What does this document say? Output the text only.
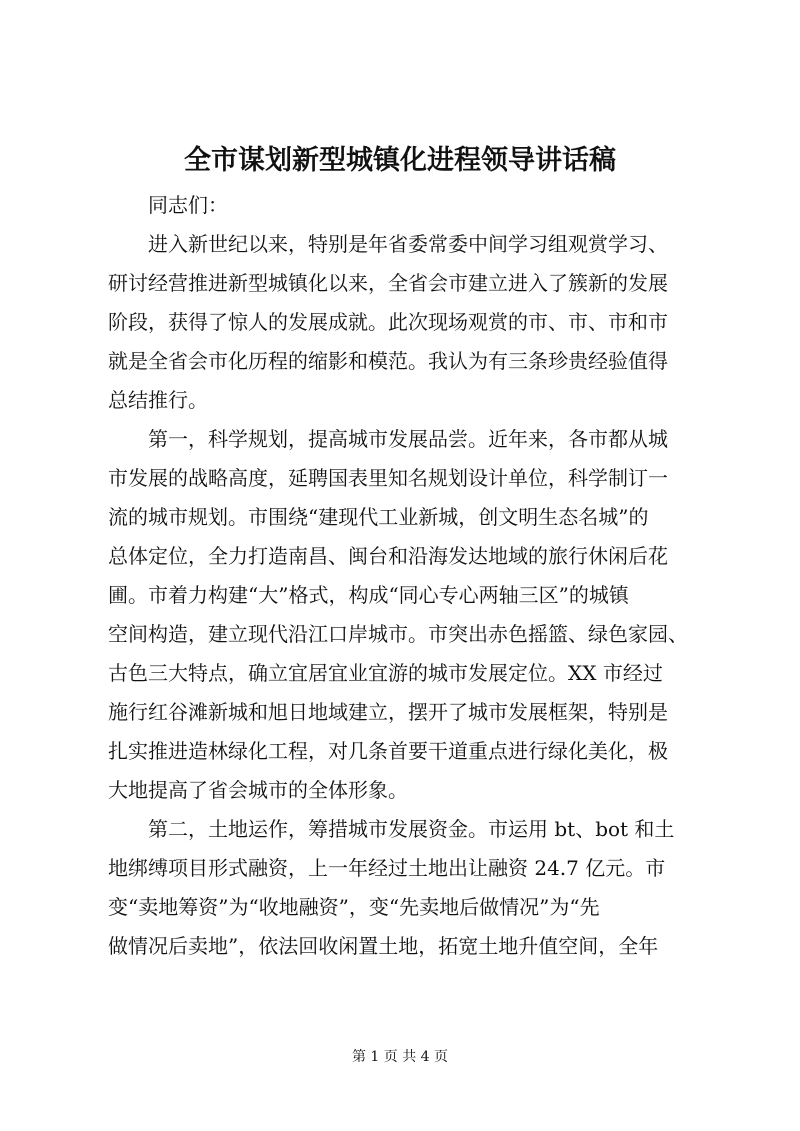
全市谋划新型城镇化进程领导讲话稿
　　同志们：
　　进入新世纪以来，特别是年省委常委中间学习组观赏学习、
研讨经营推进新型城镇化以来，全省会市建立进入了簇新的发展
阶段，获得了惊人的发展成就。此次现场观赏的市、市、市和市
就是全省会市化历程的缩影和模范。我认为有三条珍贵经验值得
总结推行。
　　第一，科学规划，提高城市发展品尝。近年来，各市都从城
市发展的战略高度，延聘国表里知名规划设计单位，科学制订一
流的城市规划。市围绕“建现代工业新城，创文明生态名城”的
总体定位，全力打造南昌、闽台和沿海发达地域的旅行休闲后花
圃。市着力构建“大”格式，构成“同心专心两轴三区”的城镇
空间构造，建立现代沿江口岸城市。市突出赤色摇篮、绿色家园、
古色三大特点，确立宜居宜业宜游的城市发展定位。XX 市经过
施行红谷滩新城和旭日地域建立，摆开了城市发展框架，特别是
扎实推进造林绿化工程，对几条首要干道重点进行绿化美化，极
大地提高了省会城市的全体形象。
　　第二，土地运作，筹措城市发展资金。市运用 bt、bot 和土
地绑缚项目形式融资，上一年经过土地出让融资 24.7 亿元。市
变“卖地筹资”为“收地融资”，变“先卖地后做情况”为“先
做情况后卖地”，依法回收闲置土地，拓宽土地升值空间，全年
第 1 页 共 4 页
